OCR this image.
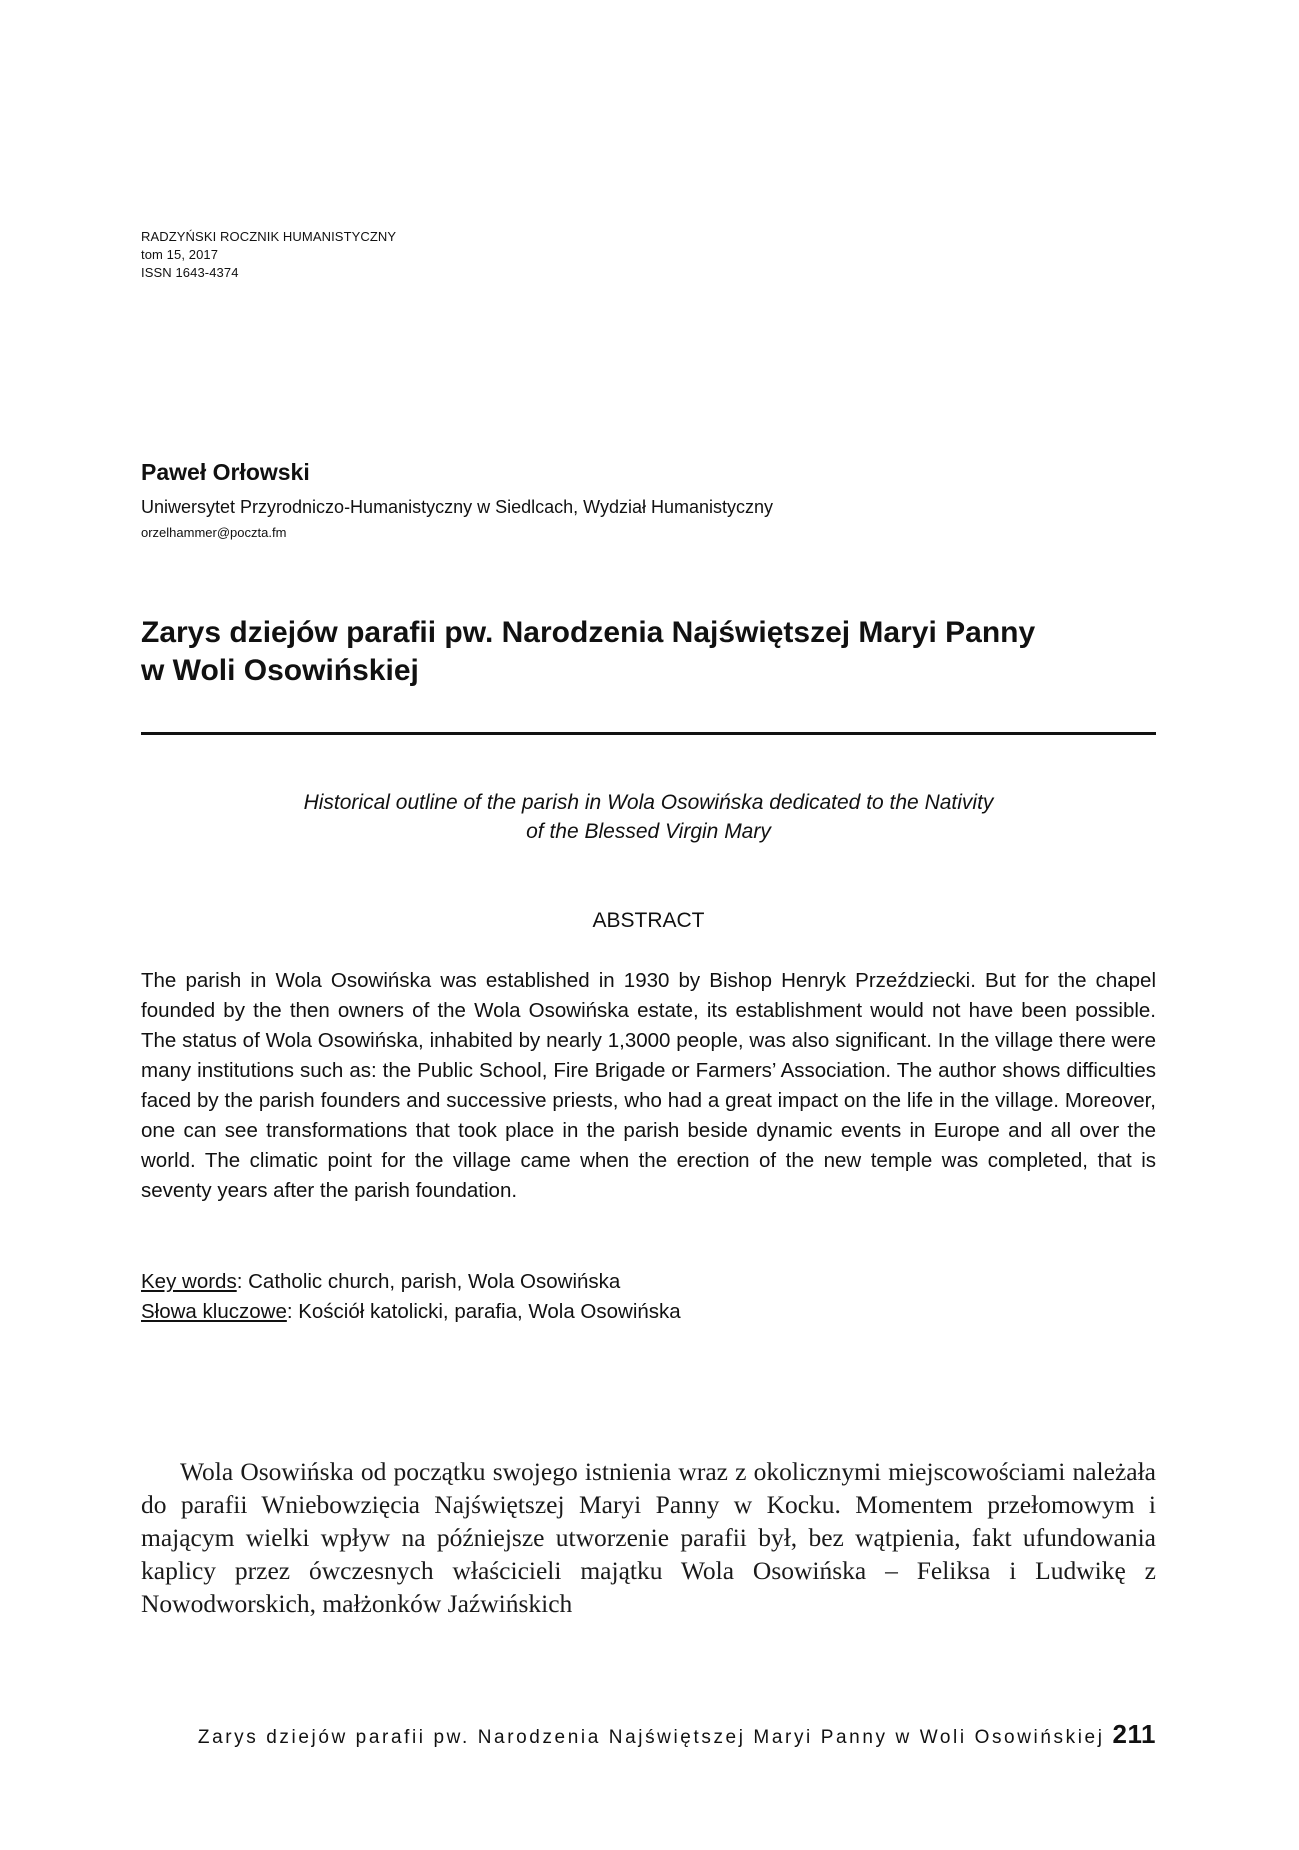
RADZYŃSKI ROCZNIK HUMANISTYCZNY
tom 15, 2017
ISSN 1643-4374
Paweł Orłowski
Uniwersytet Przyrodniczo-Humanistyczny w Siedlcach, Wydział Humanistyczny
orzelhammer@poczta.fm
Zarys dziejów parafii pw. Narodzenia Najświętszej Maryi Panny
w Woli Osowińskiej
Historical outline of the parish in Wola Osowińska dedicated to the Nativity
of the Blessed Virgin Mary
ABSTRACT

The parish in Wola Osowińska was established in 1930 by Bishop Henryk Przeździecki. But for the chapel founded by the then owners of the Wola Osowińska estate, its establishment would not have been possible. The status of Wola Osowińska, inhabited by nearly 1,3000 people, was also significant. In the village there were many institutions such as: the Public School, Fire Brigade or Farmers’ Association. The author shows difficulties faced by the parish founders and successive priests, who had a great impact on the life in the village. Moreover, one can see transformations that took place in the parish beside dynamic events in Europe and all over the world. The climatic point for the village came when the erection of the new temple was completed, that is seventy years after the parish foundation.

Key words: Catholic church, parish, Wola Osowińska
Słowa kluczowe: Kościół katolicki, parafia, Wola Osowińska

Wola Osowińska od początku swojego istnienia wraz z okolicznymi miejscowościami należała do parafii Wniebowzięcia Najświętszej Maryi Panny w Kocku. Momentem przełomowym i mającym wielki wpływ na późniejsze utworzenie parafii był, bez wątpienia, fakt ufundowania kaplicy przez ówczesnych właścicieli majątku Wola Osowińska – Feliksa i Ludwikę z Nowodworskich, małżonków Jaźwińskich

Zarys dziejów parafii pw. Narodzenia Najświętszej Maryi Panny w Woli Osowińskiej 211
